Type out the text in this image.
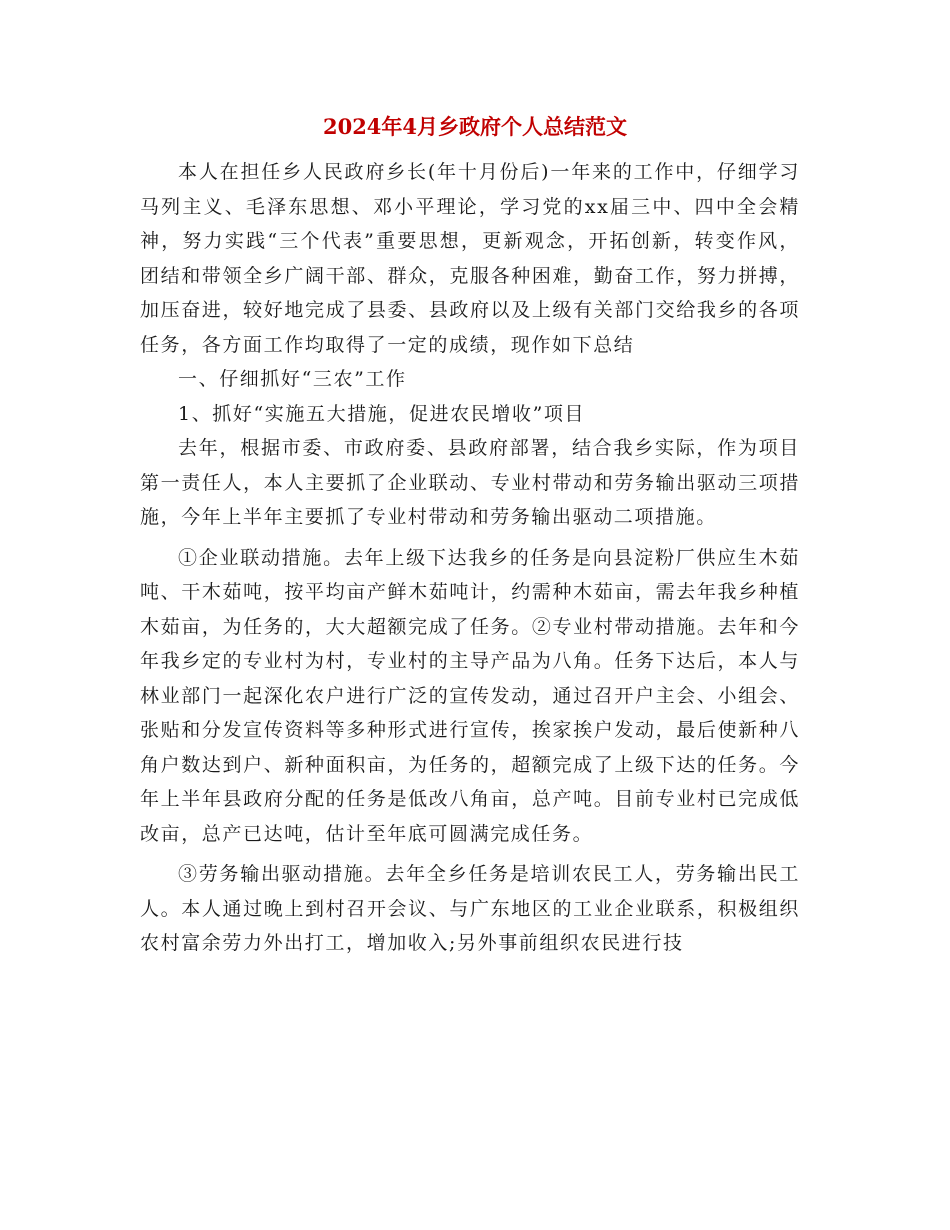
2024年4月乡政府个人总结范文

本人在担任乡人民政府乡长(年十月份后)一年来的工作中，仔细学习马列主义、毛泽东思想、邓小平理论，学习党的xx届三中、四中全会精神，努力实践“三个代表”重要思想，更新观念，开拓创新，转变作风，团结和带领全乡广阔干部、群众，克服各种困难，勤奋工作，努力拼搏，加压奋进，较好地完成了县委、县政府以及上级有关部门交给我乡的各项任务，各方面工作均取得了一定的成绩，现作如下总结

一、仔细抓好“三农”工作

1、抓好“实施五大措施，促进农民增收”项目

去年，根据市委、市政府委、县政府部署，结合我乡实际，作为项目第一责任人，本人主要抓了企业联动、专业村带动和劳务输出驱动三项措施，今年上半年主要抓了专业村带动和劳务输出驱动二项措施。

①企业联动措施。去年上级下达我乡的任务是向县淀粉厂供应生木茹吨、干木茹吨，按平均亩产鲜木茹吨计，约需种木茹亩，需去年我乡种植木茹亩，为任务的，大大超额完成了任务。②专业村带动措施。去年和今年我乡定的专业村为村，专业村的主导产品为八角。任务下达后，本人与林业部门一起深化农户进行广泛的宣传发动，通过召开户主会、小组会、张贴和分发宣传资料等多种形式进行宣传，挨家挨户发动，最后使新种八角户数达到户、新种面积亩，为任务的，超额完成了上级下达的任务。今年上半年县政府分配的任务是低改八角亩，总产吨。目前专业村已完成低改亩，总产已达吨，估计至年底可圆满完成任务。

③劳务输出驱动措施。去年全乡任务是培训农民工人，劳务输出民工人。本人通过晚上到村召开会议、与广东地区的工业企业联系，积极组织农村富余劳力外出打工，增加收入;另外事前组织农民进行技
